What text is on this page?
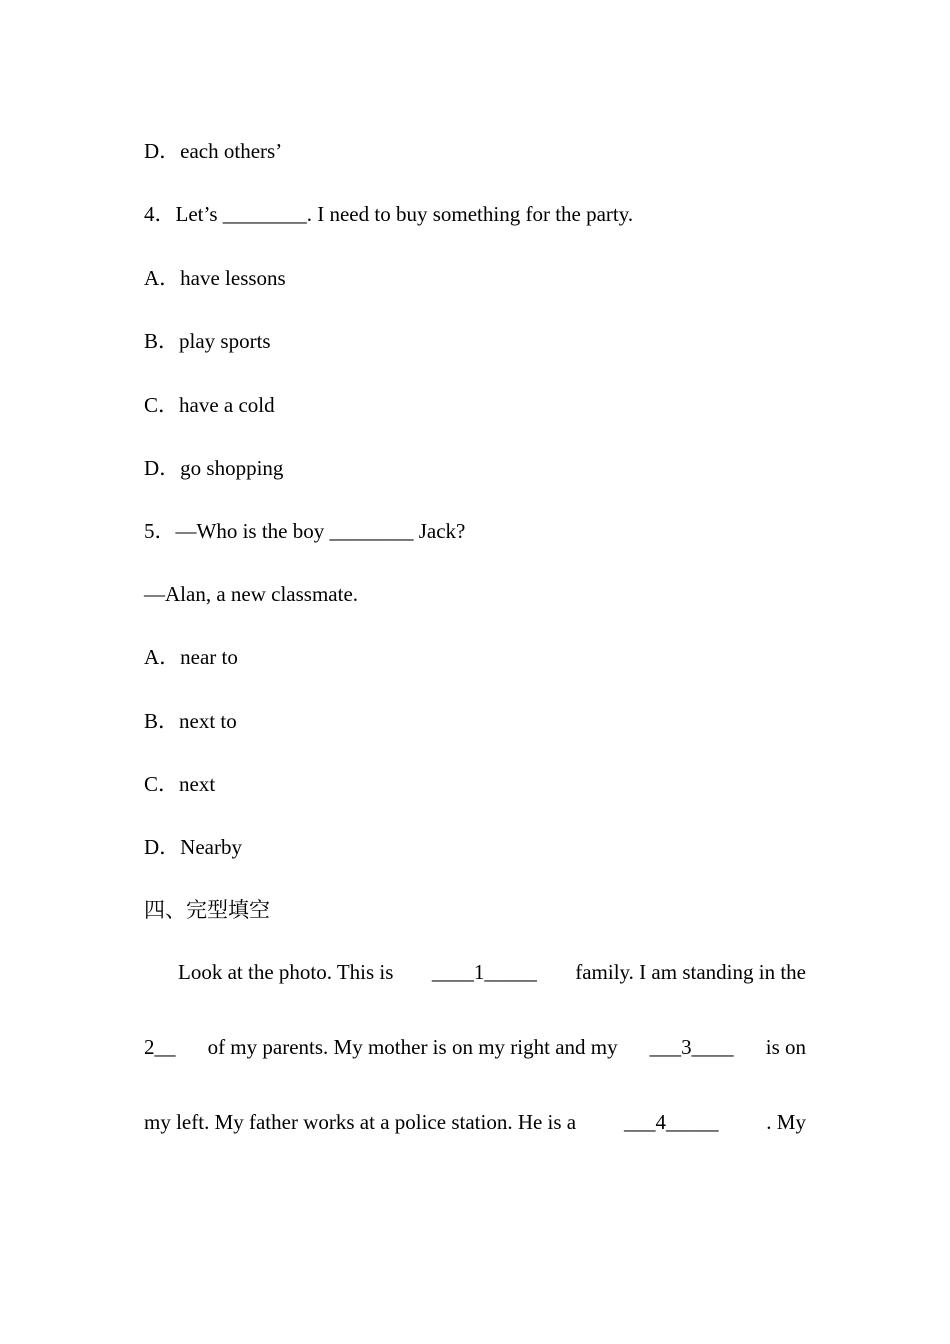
D．each others’
4．Let’s ________. I need to buy something for the party.
A．have lessons
B．play sports
C．have a cold
D．go shopping
5．—Who is the boy ________ Jack?
—Alan, a new classmate.
A．near to
B．next to
C．next
D．Nearby
四、完型填空
Look at the photo. This is ____1_____ family. I am standing in the
2__ of my parents. My mother is on my right and my ___3____ is on
my left. My father works at a police station. He is a ___4_____ . My
